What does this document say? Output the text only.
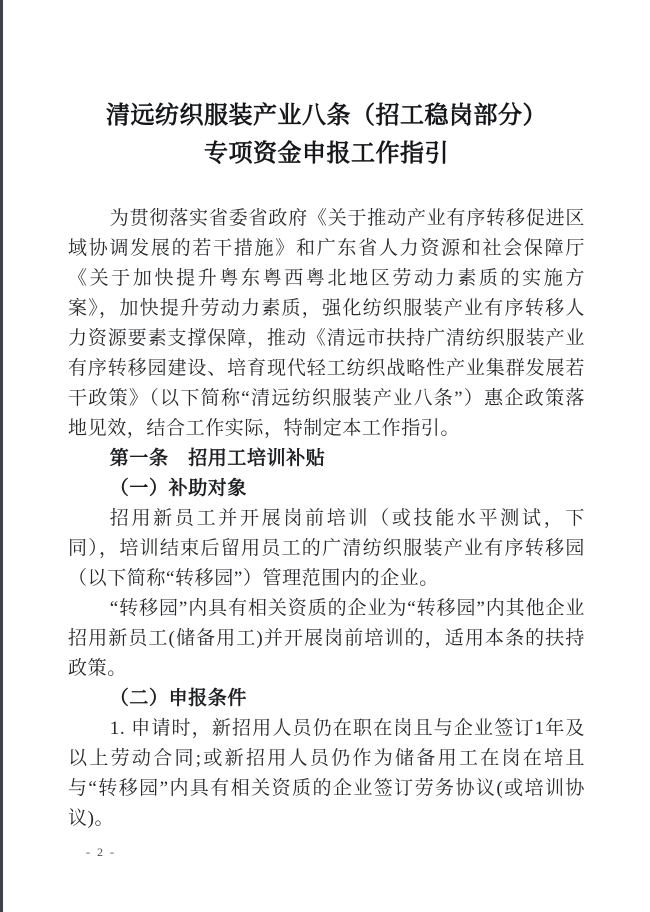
清远纺织服装产业八条（招工稳岗部分）
专项资金申报工作指引
为贯彻落实省委省政府《关于推动产业有序转移促进区域协调发展的若干措施》和广东省人力资源和社会保障厅《关于加快提升粤东粤西粤北地区劳动力素质的实施方案》，加快提升劳动力素质，强化纺织服装产业有序转移人力资源要素支撑保障，推动《清远市扶持广清纺织服装产业有序转移园建设、培育现代轻工纺织战略性产业集群发展若干政策》（以下简称“清远纺织服装产业八条”）惠企政策落地见效，结合工作实际，特制定本工作指引。
第一条　招用工培训补贴
（一）补助对象
招用新员工并开展岗前培训（或技能水平测试，下同），培训结束后留用员工的广清纺织服装产业有序转移园（以下简称“转移园”）管理范围内的企业。
“转移园”内具有相关资质的企业为“转移园”内其他企业招用新员工(储备用工)并开展岗前培训的，适用本条的扶持政策。
（二）申报条件
1. 申请时，新招用人员仍在职在岗且与企业签订1年及以上劳动合同;或新招用人员仍作为储备用工在岗在培且与“转移园”内具有相关资质的企业签订劳务协议(或培训协议)。
- 2 -
